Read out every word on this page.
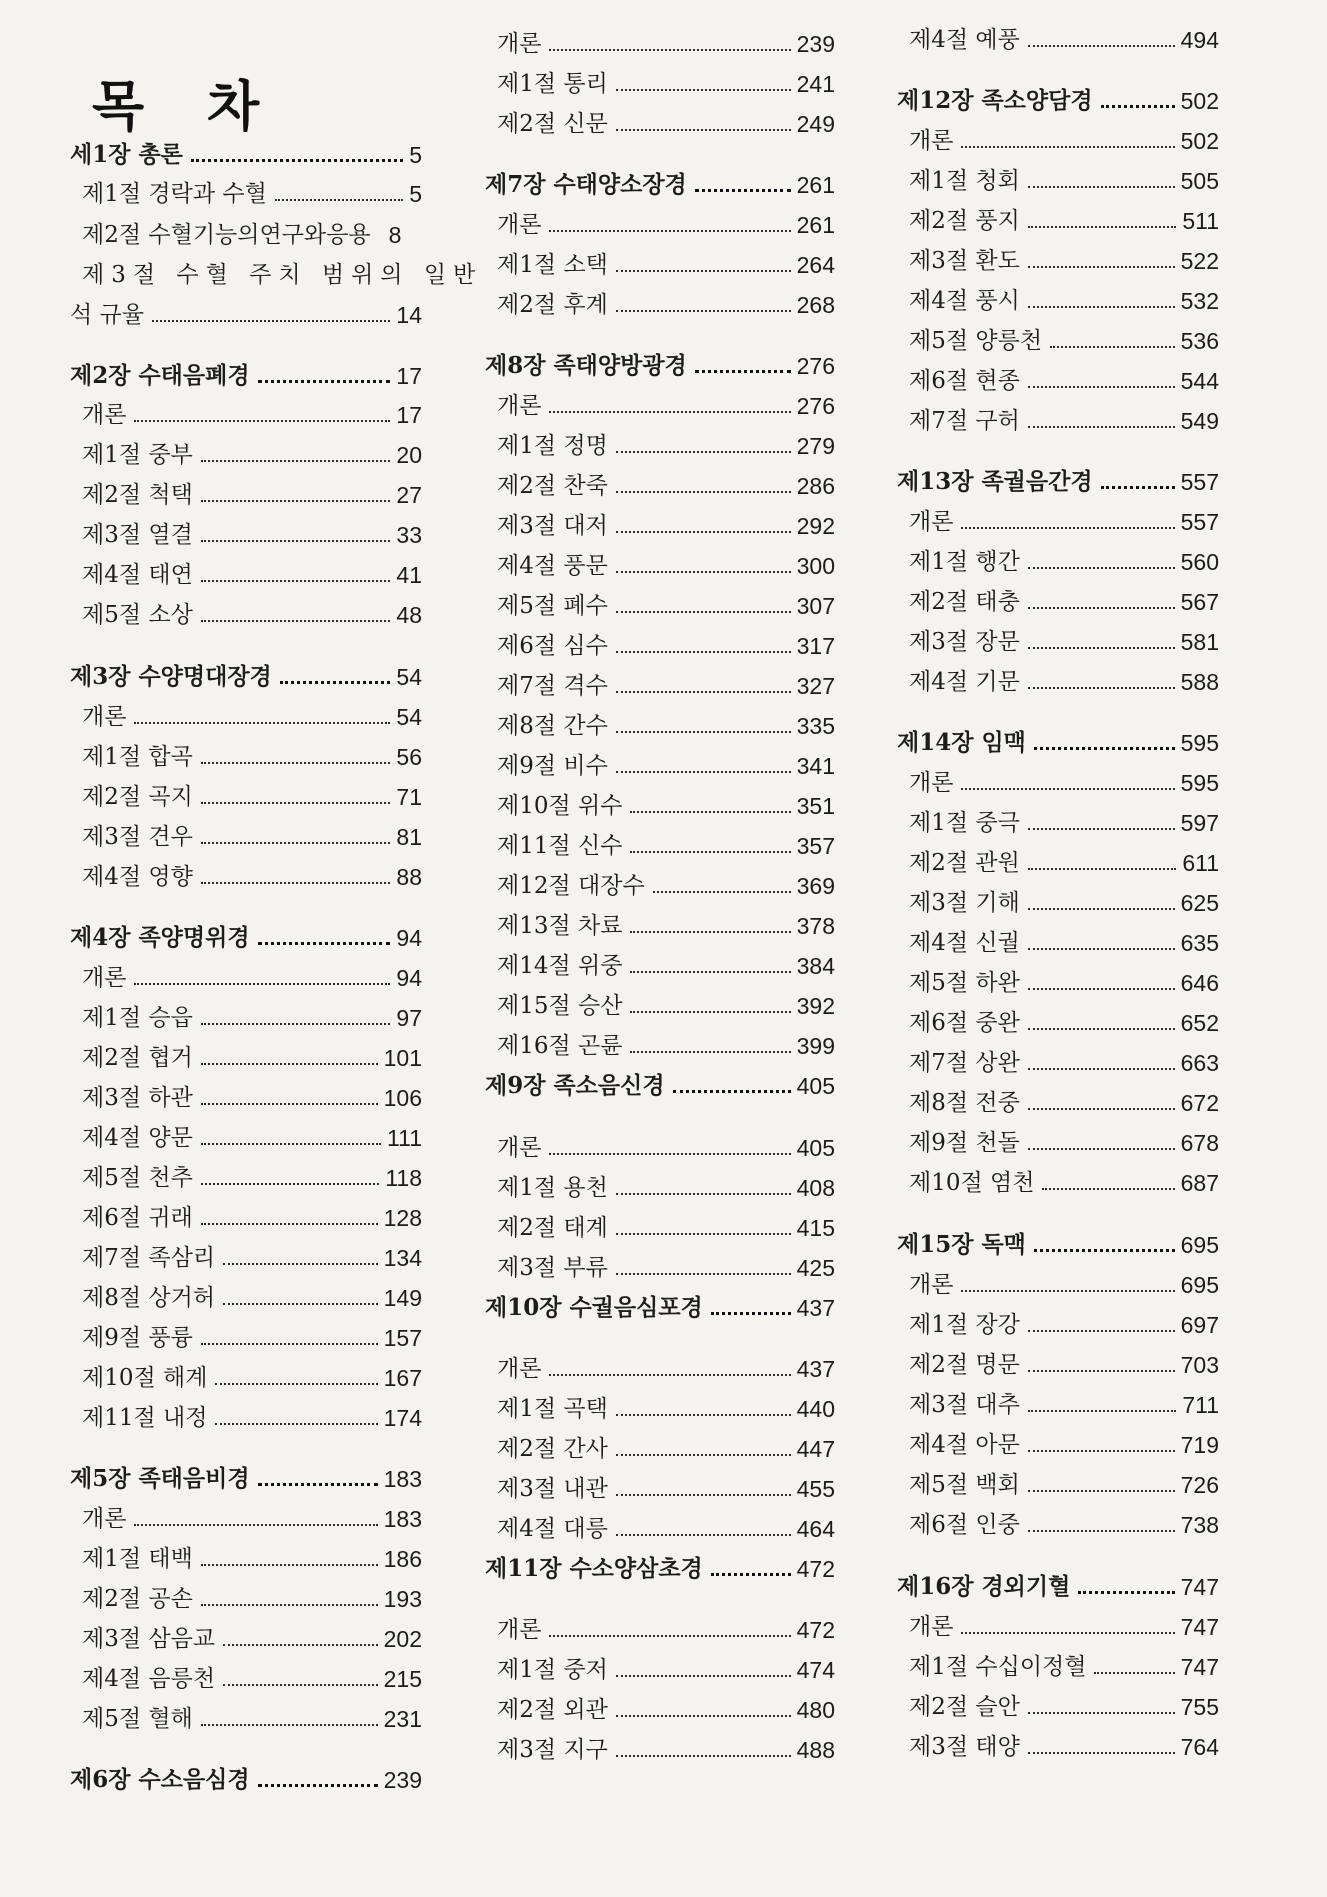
목 차
세1장 총론	5
제1절 경락과 수혈	5
제2절 수혈기능의연구와응용 8
제3절 수혈 주치 범위의 일반
석 규율	14
제2장 수태음폐경	17
개론	17
제1절 중부	20
제2절 척택	27
제3절 열결	33
제4절 태연	41
제5절 소상	48
제3장 수양명대장경	54
개론	54
제1절 합곡	56
제2절 곡지	71
제3절 견우	81
제4절 영향	88
제4장 족양명위경	94
개론	94
제1절 승읍	97
제2절 협거	101
제3절 하관	106
제4절 양문	111
제5절 천추	118
제6절 귀래	128
제7절 족삼리	134
제8절 상거허	149
제9절 풍륭	157
제10절 해계	167
제11절 내정	174
제5장 족태음비경	183
개론	183
제1절 태백	186
제2절 공손	193
제3절 삼음교	202
제4절 음릉천	215
제5절 혈해	231
제6장 수소음심경	239
개론	239
제1절 통리	241
제2절 신문	249
제7장 수태양소장경	261
개론	261
제1절 소택	264
제2절 후계	268
제8장 족태양방광경	276
개론	276
제1절 정명	279
제2절 찬죽	286
제3절 대저	292
제4절 풍문	300
제5절 폐수	307
제6절 심수	317
제7절 격수	327
제8절 간수	335
제9절 비수	341
제10절 위수	351
제11절 신수	357
제12절 대장수	369
제13절 차료	378
제14절 위중	384
제15절 승산	392
제16절 곤륜	399
제9장 족소음신경	405
개론	405
제1절 용천	408
제2절 태계	415
제3절 부류	425
제10장 수궐음심포경	437
개론	437
제1절 곡택	440
제2절 간사	447
제3절 내관	455
제4절 대릉	464
제11장 수소양삼초경	472
개론	472
제1절 중저	474
제2절 외관	480
제3절 지구	488
제4절 예풍	494
제12장 족소양담경	502
개론	502
제1절 청회	505
제2절 풍지	511
제3절 환도	522
제4절 풍시	532
제5절 양릉천	536
제6절 현종	544
제7절 구허	549
제13장 족궐음간경	557
개론	557
제1절 행간	560
제2절 태충	567
제3절 장문	581
제4절 기문	588
제14장 임맥	595
개론	595
제1절 중극	597
제2절 관원	611
제3절 기해	625
제4절 신궐	635
제5절 하완	646
제6절 중완	652
제7절 상완	663
제8절 전중	672
제9절 천돌	678
제10절 염천	687
제15장 독맥	695
개론	695
제1절 장강	697
제2절 명문	703
제3절 대추	711
제4절 아문	719
제5절 백회	726
제6절 인중	738
제16장 경외기혈	747
개론	747
제1절 수십이정혈	747
제2절 슬안	755
제3절 태양	764
